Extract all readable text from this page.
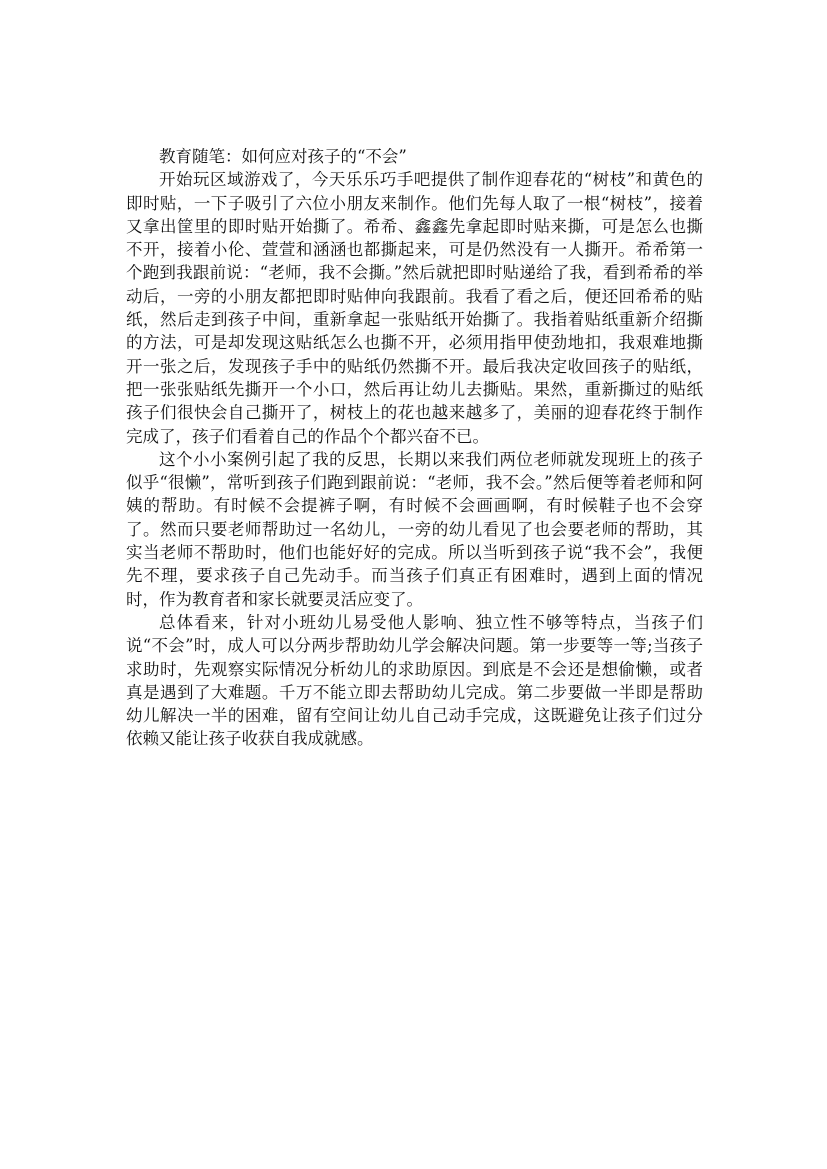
教育随笔：如何应对孩子的“不会”

开始玩区域游戏了，今天乐乐巧手吧提供了制作迎春花的“树枝”和黄色的即时贴，一下子吸引了六位小朋友来制作。他们先每人取了一根“树枝”，接着又拿出筐里的即时贴开始撕了。希希、鑫鑫先拿起即时贴来撕，可是怎么也撕不开，接着小伦、萱萱和涵涵也都撕起来，可是仍然没有一人撕开。希希第一个跑到我跟前说：“老师，我不会撕。”然后就把即时贴递给了我，看到希希的举动后，一旁的小朋友都把即时贴伸向我跟前。我看了看之后，便还回希希的贴纸，然后走到孩子中间，重新拿起一张贴纸开始撕了。我指着贴纸重新介绍撕的方法，可是却发现这贴纸怎么也撕不开，必须用指甲使劲地扣，我艰难地撕开一张之后，发现孩子手中的贴纸仍然撕不开。最后我决定收回孩子的贴纸，把一张张贴纸先撕开一个小口，然后再让幼儿去撕贴。果然，重新撕过的贴纸孩子们很快会自己撕开了，树枝上的花也越来越多了，美丽的迎春花终于制作完成了，孩子们看着自己的作品个个都兴奋不已。

这个小小案例引起了我的反思，长期以来我们两位老师就发现班上的孩子似乎“很懒”，常听到孩子们跑到跟前说：“老师，我不会。”然后便等着老师和阿姨的帮助。有时候不会提裤子啊，有时候不会画画啊，有时候鞋子也不会穿了。然而只要老师帮助过一名幼儿，一旁的幼儿看见了也会要老师的帮助，其实当老师不帮助时，他们也能好好的完成。所以当听到孩子说“我不会”，我便先不理，要求孩子自己先动手。而当孩子们真正有困难时，遇到上面的情况时，作为教育者和家长就要灵活应变了。

总体看来，针对小班幼儿易受他人影响、独立性不够等特点，当孩子们说“不会”时，成人可以分两步帮助幼儿学会解决问题。第一步要等一等;当孩子求助时，先观察实际情况分析幼儿的求助原因。到底是不会还是想偷懒，或者真是遇到了大难题。千万不能立即去帮助幼儿完成。第二步要做一半即是帮助幼儿解决一半的困难，留有空间让幼儿自己动手完成，这既避免让孩子们过分依赖又能让孩子收获自我成就感。
